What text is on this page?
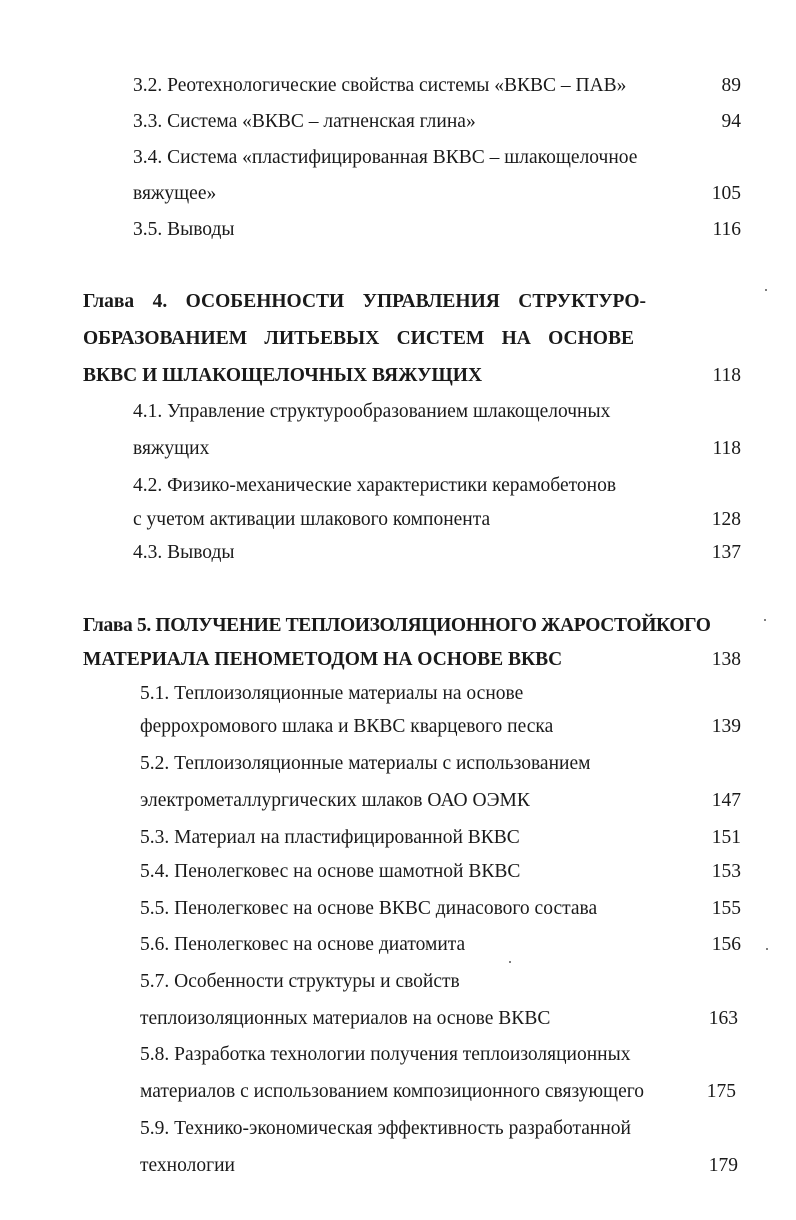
3.2. Реотехнологические свойства системы «ВКВС – ПАВ»	89
3.3. Система «ВКВС – латненская глина»	94
3.4. Система «пластифицированная ВКВС – шлакощелочное
вяжущее»	105
3.5. Выводы	116
Глава 4. ОСОБЕННОСТИ УПРАВЛЕНИЯ СТРУКТУРО-
ОБРАЗОВАНИЕМ ЛИТЬЕВЫХ СИСТЕМ НА ОСНОВЕ
ВКВС И ШЛАКОЩЕЛОЧНЫХ ВЯЖУЩИХ	118
4.1. Управление структурообразованием шлакощелочных
вяжущих	118
4.2. Физико-механические характеристики керамобетонов
с учетом активации шлакового компонента	128
4.3. Выводы	137
Глава 5. ПОЛУЧЕНИЕ ТЕПЛОИЗОЛЯЦИОННОГО ЖАРОСТОЙКОГО
МАТЕРИАЛА ПЕНОМЕТОДОМ НА ОСНОВЕ ВКВС	138
5.1. Теплоизоляционные материалы на основе
феррохромового шлака и ВКВС кварцевого песка	139
5.2. Теплоизоляционные материалы с использованием
электрометаллургических шлаков ОАО ОЭМК	147
5.3. Материал на пластифицированной ВКВС	151
5.4. Пенолегковес на основе шамотной ВКВС	153
5.5. Пенолегковес на основе ВКВС динасового состава	155
5.6. Пенолегковес на основе диатомита	156
5.7. Особенности структуры и свойств
теплоизоляционных материалов на основе ВКВС	163
5.8. Разработка технологии получения теплоизоляционных
материалов с использованием композиционного связующего	175
5.9. Технико-экономическая эффективность разработанной
технологии	179
